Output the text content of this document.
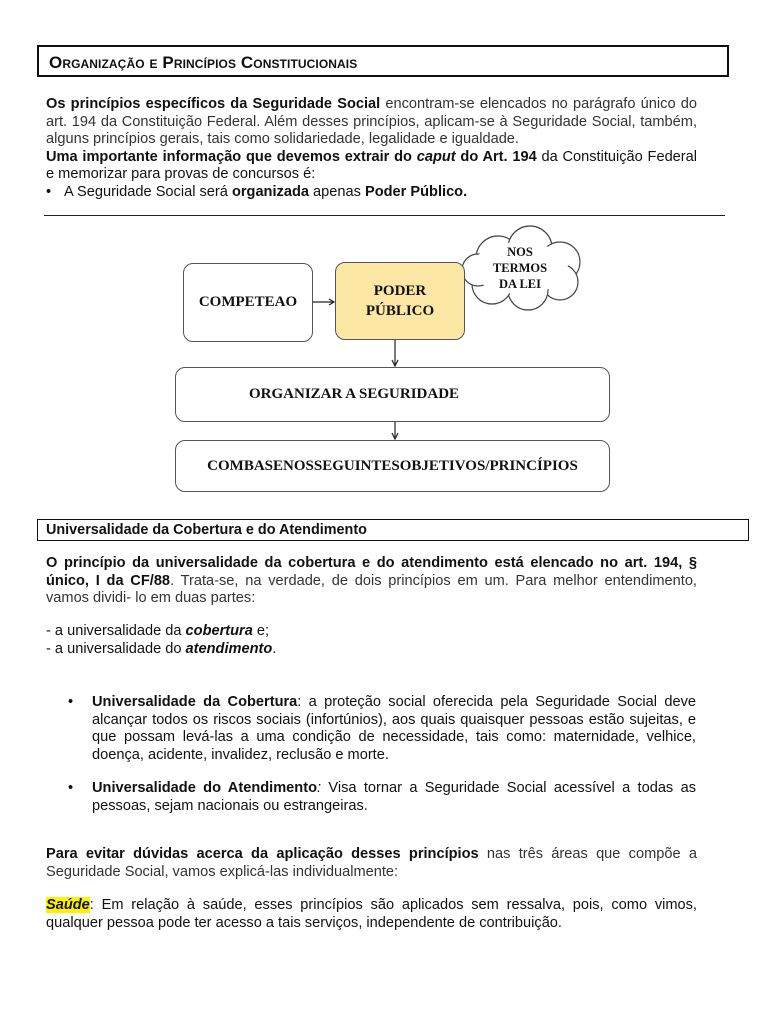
Organização e Princípios Constitucionais
Os princípios específicos da Seguridade Social encontram-se elencados no parágrafo único do art. 194 da Constituição Federal. Além desses princípios, aplicam-se à Seguridade Social, também, alguns princípios gerais, tais como solidariedade, legalidade e igualdade.
Uma importante informação que devemos extrair do caput do Art. 194 da Constituição Federal e memorizar para provas de concursos é:
• A Seguridade Social será organizada apenas Poder Público.
NOS
TERMOS
DA LEI
COMPETEAO
PODER
PÚBLICO
ORGANIZAR A SEGURIDADE
COMBASENOSSEGUINTESOBJETIVOS/PRINCÍPIOS
Universalidade da Cobertura e do Atendimento
O princípio da universalidade da cobertura e do atendimento está elencado no art. 194, § único, I da CF/88. Trata-se, na verdade, de dois princípios em um. Para melhor entendimento, vamos dividi- lo em duas partes:
- a universalidade da cobertura e;
- a universalidade do atendimento.
• Universalidade da Cobertura: a proteção social oferecida pela Seguridade Social deve alcançar todos os riscos sociais (infortúnios), aos quais quaisquer pessoas estão sujeitas, e que possam levá-las a uma condição de necessidade, tais como: maternidade, velhice, doença, acidente, invalidez, reclusão e morte.
• Universalidade do Atendimento: Visa tornar a Seguridade Social acessível a todas as pessoas, sejam nacionais ou estrangeiras.
Para evitar dúvidas acerca da aplicação desses princípios nas três áreas que compõe a Seguridade Social, vamos explicá-las individualmente:
Saúde: Em relação à saúde, esses princípios são aplicados sem ressalva, pois, como vimos, qualquer pessoa pode ter acesso a tais serviços, independente de contribuição.
